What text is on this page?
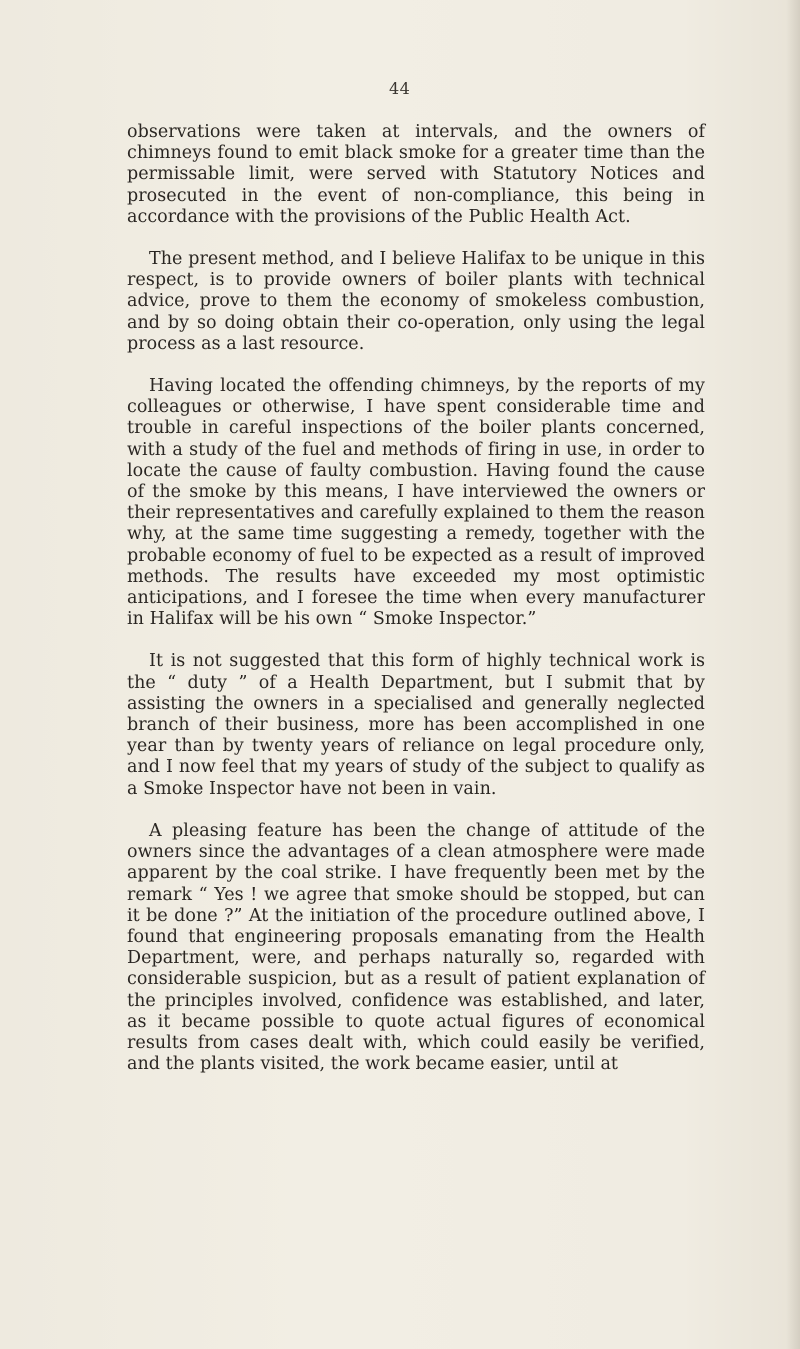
44

observations were taken at intervals, and the owners of chimneys found to emit black smoke for a greater time than the permissable limit, were served with Statutory Notices and prosecuted in the event of non-compliance, this being in accordance with the provisions of the Public Health Act.

The present method, and I believe Halifax to be unique in this respect, is to provide owners of boiler plants with technical advice, prove to them the economy of smokeless combustion, and by so doing obtain their co-operation, only using the legal process as a last resource.

Having located the offending chimneys, by the reports of my colleagues or otherwise, I have spent considerable time and trouble in careful inspections of the boiler plants concerned, with a study of the fuel and methods of firing in use, in order to locate the cause of faulty combustion. Having found the cause of the smoke by this means, I have interviewed the owners or their representatives and carefully explained to them the reason why, at the same time suggesting a remedy, together with the probable economy of fuel to be expected as a result of improved methods. The results have exceeded my most optimistic anticipations, and I foresee the time when every manufacturer in Halifax will be his own “ Smoke Inspector.”

It is not suggested that this form of highly technical work is the “ duty ” of a Health Department, but I submit that by assisting the owners in a specialised and generally neglected branch of their business, more has been accomplished in one year than by twenty years of reliance on legal procedure only, and I now feel that my years of study of the subject to qualify as a Smoke Inspector have not been in vain.

A pleasing feature has been the change of attitude of the owners since the advantages of a clean atmosphere were made apparent by the coal strike. I have frequently been met by the remark “ Yes ! we agree that smoke should be stopped, but can it be done ?” At the initiation of the procedure outlined above, I found that engineering proposals emanating from the Health Department, were, and perhaps naturally so, regarded with considerable suspicion, but as a result of patient explanation of the principles involved, confidence was established, and later, as it became possible to quote actual figures of economical results from cases dealt with, which could easily be verified, and the plants visited, the work became easier, until at
